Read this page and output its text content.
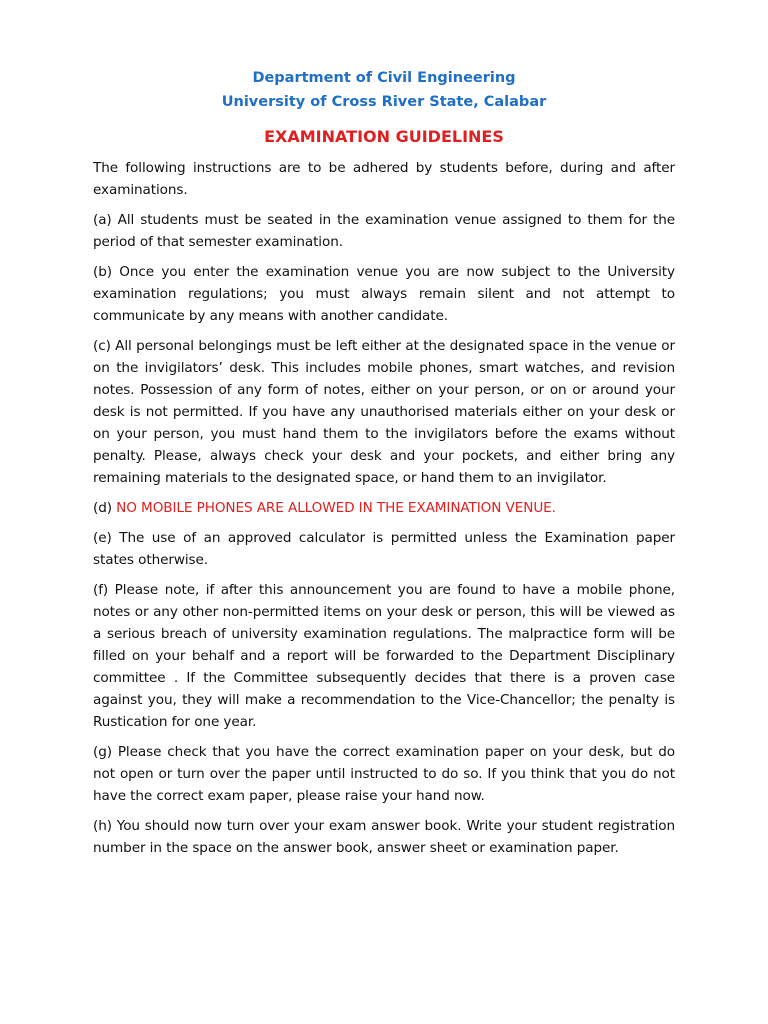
Department of Civil Engineering
University of Cross River State, Calabar
EXAMINATION GUIDELINES

The following instructions are to be adhered by students before, during and after examinations.

(a) All students must be seated in the examination venue assigned to them for the period of that semester examination.

(b) Once you enter the examination venue you are now subject to the University examination regulations; you must always remain silent and not attempt to communicate by any means with another candidate.

(c) All personal belongings must be left either at the designated space in the venue or on the invigilators’ desk. This includes mobile phones, smart watches, and revision notes. Possession of any form of notes, either on your person, or on or around your desk is not permitted. If you have any unauthorised materials either on your desk or on your person, you must hand them to the invigilators before the exams without penalty. Please, always check your desk and your pockets, and either bring any remaining materials to the designated space, or hand them to an invigilator.

(d) NO MOBILE PHONES ARE ALLOWED IN THE EXAMINATION VENUE.

(e) The use of an approved calculator is permitted unless the Examination paper states otherwise.

(f) Please note, if after this announcement you are found to have a mobile phone, notes or any other non-permitted items on your desk or person, this will be viewed as a serious breach of university examination regulations. The malpractice form will be filled on your behalf and a report will be forwarded to the Department Disciplinary committee . If the Committee subsequently decides that there is a proven case against you, they will make a recommendation to the Vice-Chancellor; the penalty is Rustication for one year.

(g) Please check that you have the correct examination paper on your desk, but do not open or turn over the paper until instructed to do so. If you think that you do not have the correct exam paper, please raise your hand now.

(h) You should now turn over your exam answer book. Write your student registration number in the space on the answer book, answer sheet or examination paper.
